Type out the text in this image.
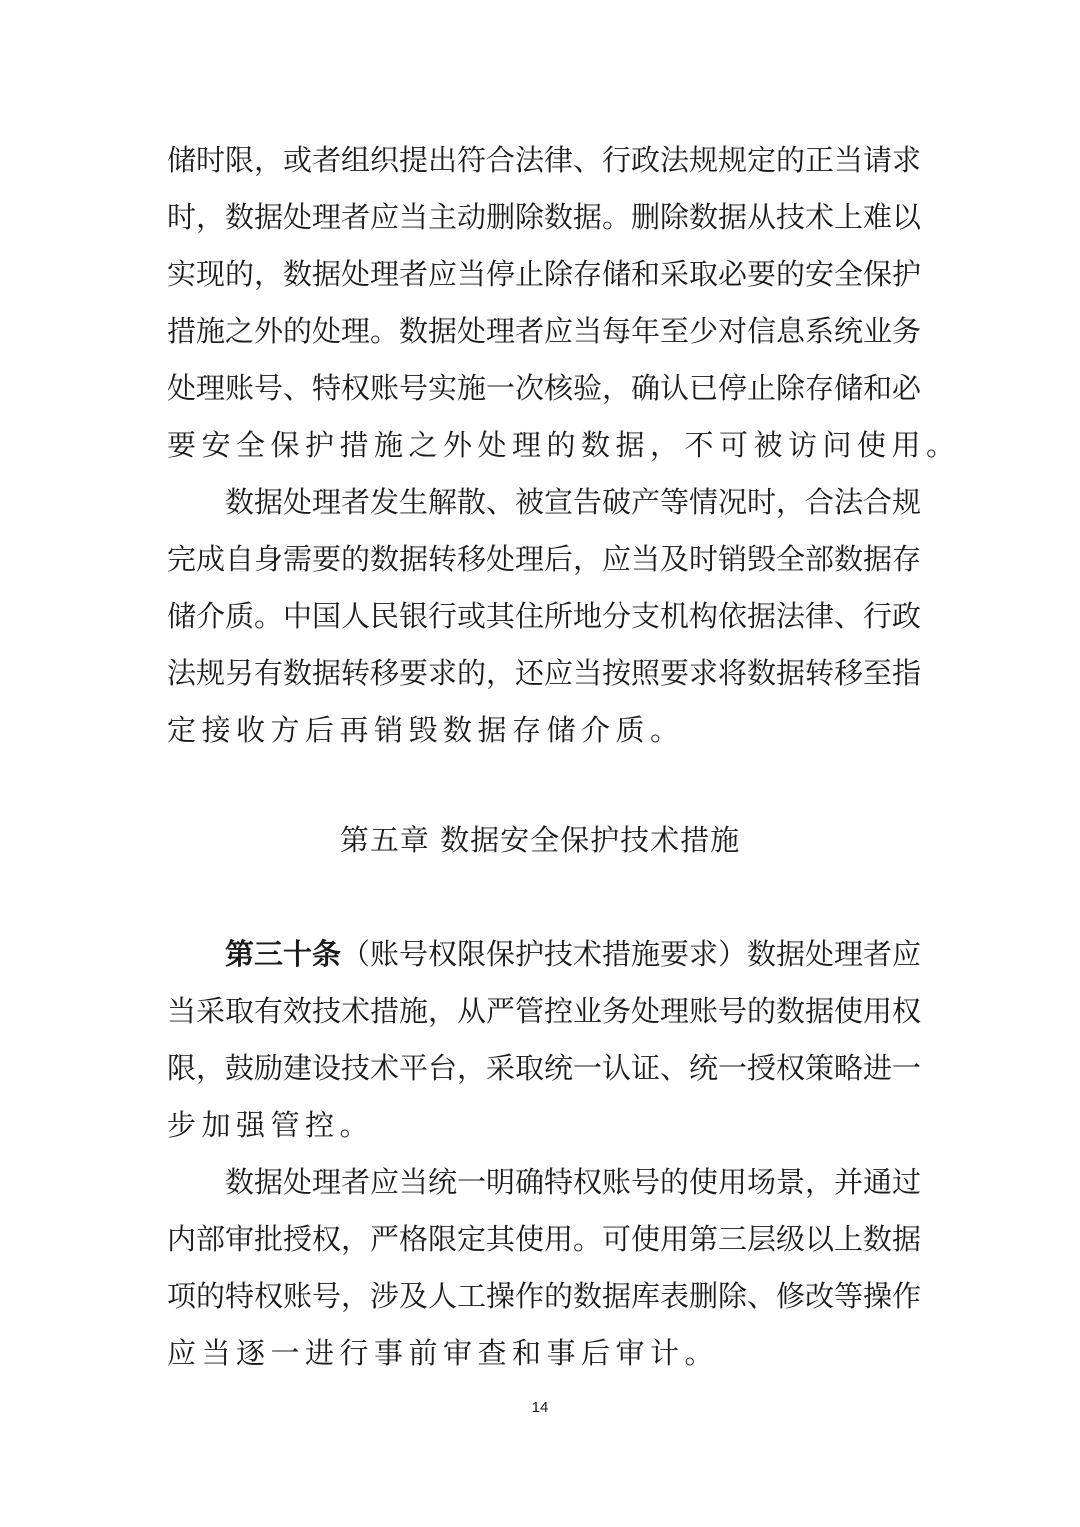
储时限，或者组织提出符合法律、行政法规规定的正当请求
时，数据处理者应当主动删除数据。删除数据从技术上难以
实现的，数据处理者应当停止除存储和采取必要的安全保护
措施之外的处理。数据处理者应当每年至少对信息系统业务
处理账号、特权账号实施一次核验，确认已停止除存储和必
要安全保护措施之外处理的数据，不可被访问使用。
数据处理者发生解散、被宣告破产等情况时，合法合规
完成自身需要的数据转移处理后，应当及时销毁全部数据存
储介质。中国人民银行或其住所地分支机构依据法律、行政
法规另有数据转移要求的，还应当按照要求将数据转移至指
定接收方后再销毁数据存储介质。
第五章 数据安全保护技术措施
第三十条（账号权限保护技术措施要求）数据处理者应
当采取有效技术措施，从严管控业务处理账号的数据使用权
限，鼓励建设技术平台，采取统一认证、统一授权策略进一
步加强管控。
数据处理者应当统一明确特权账号的使用场景，并通过
内部审批授权，严格限定其使用。可使用第三层级以上数据
项的特权账号，涉及人工操作的数据库表删除、修改等操作
应当逐一进行事前审查和事后审计。
14
